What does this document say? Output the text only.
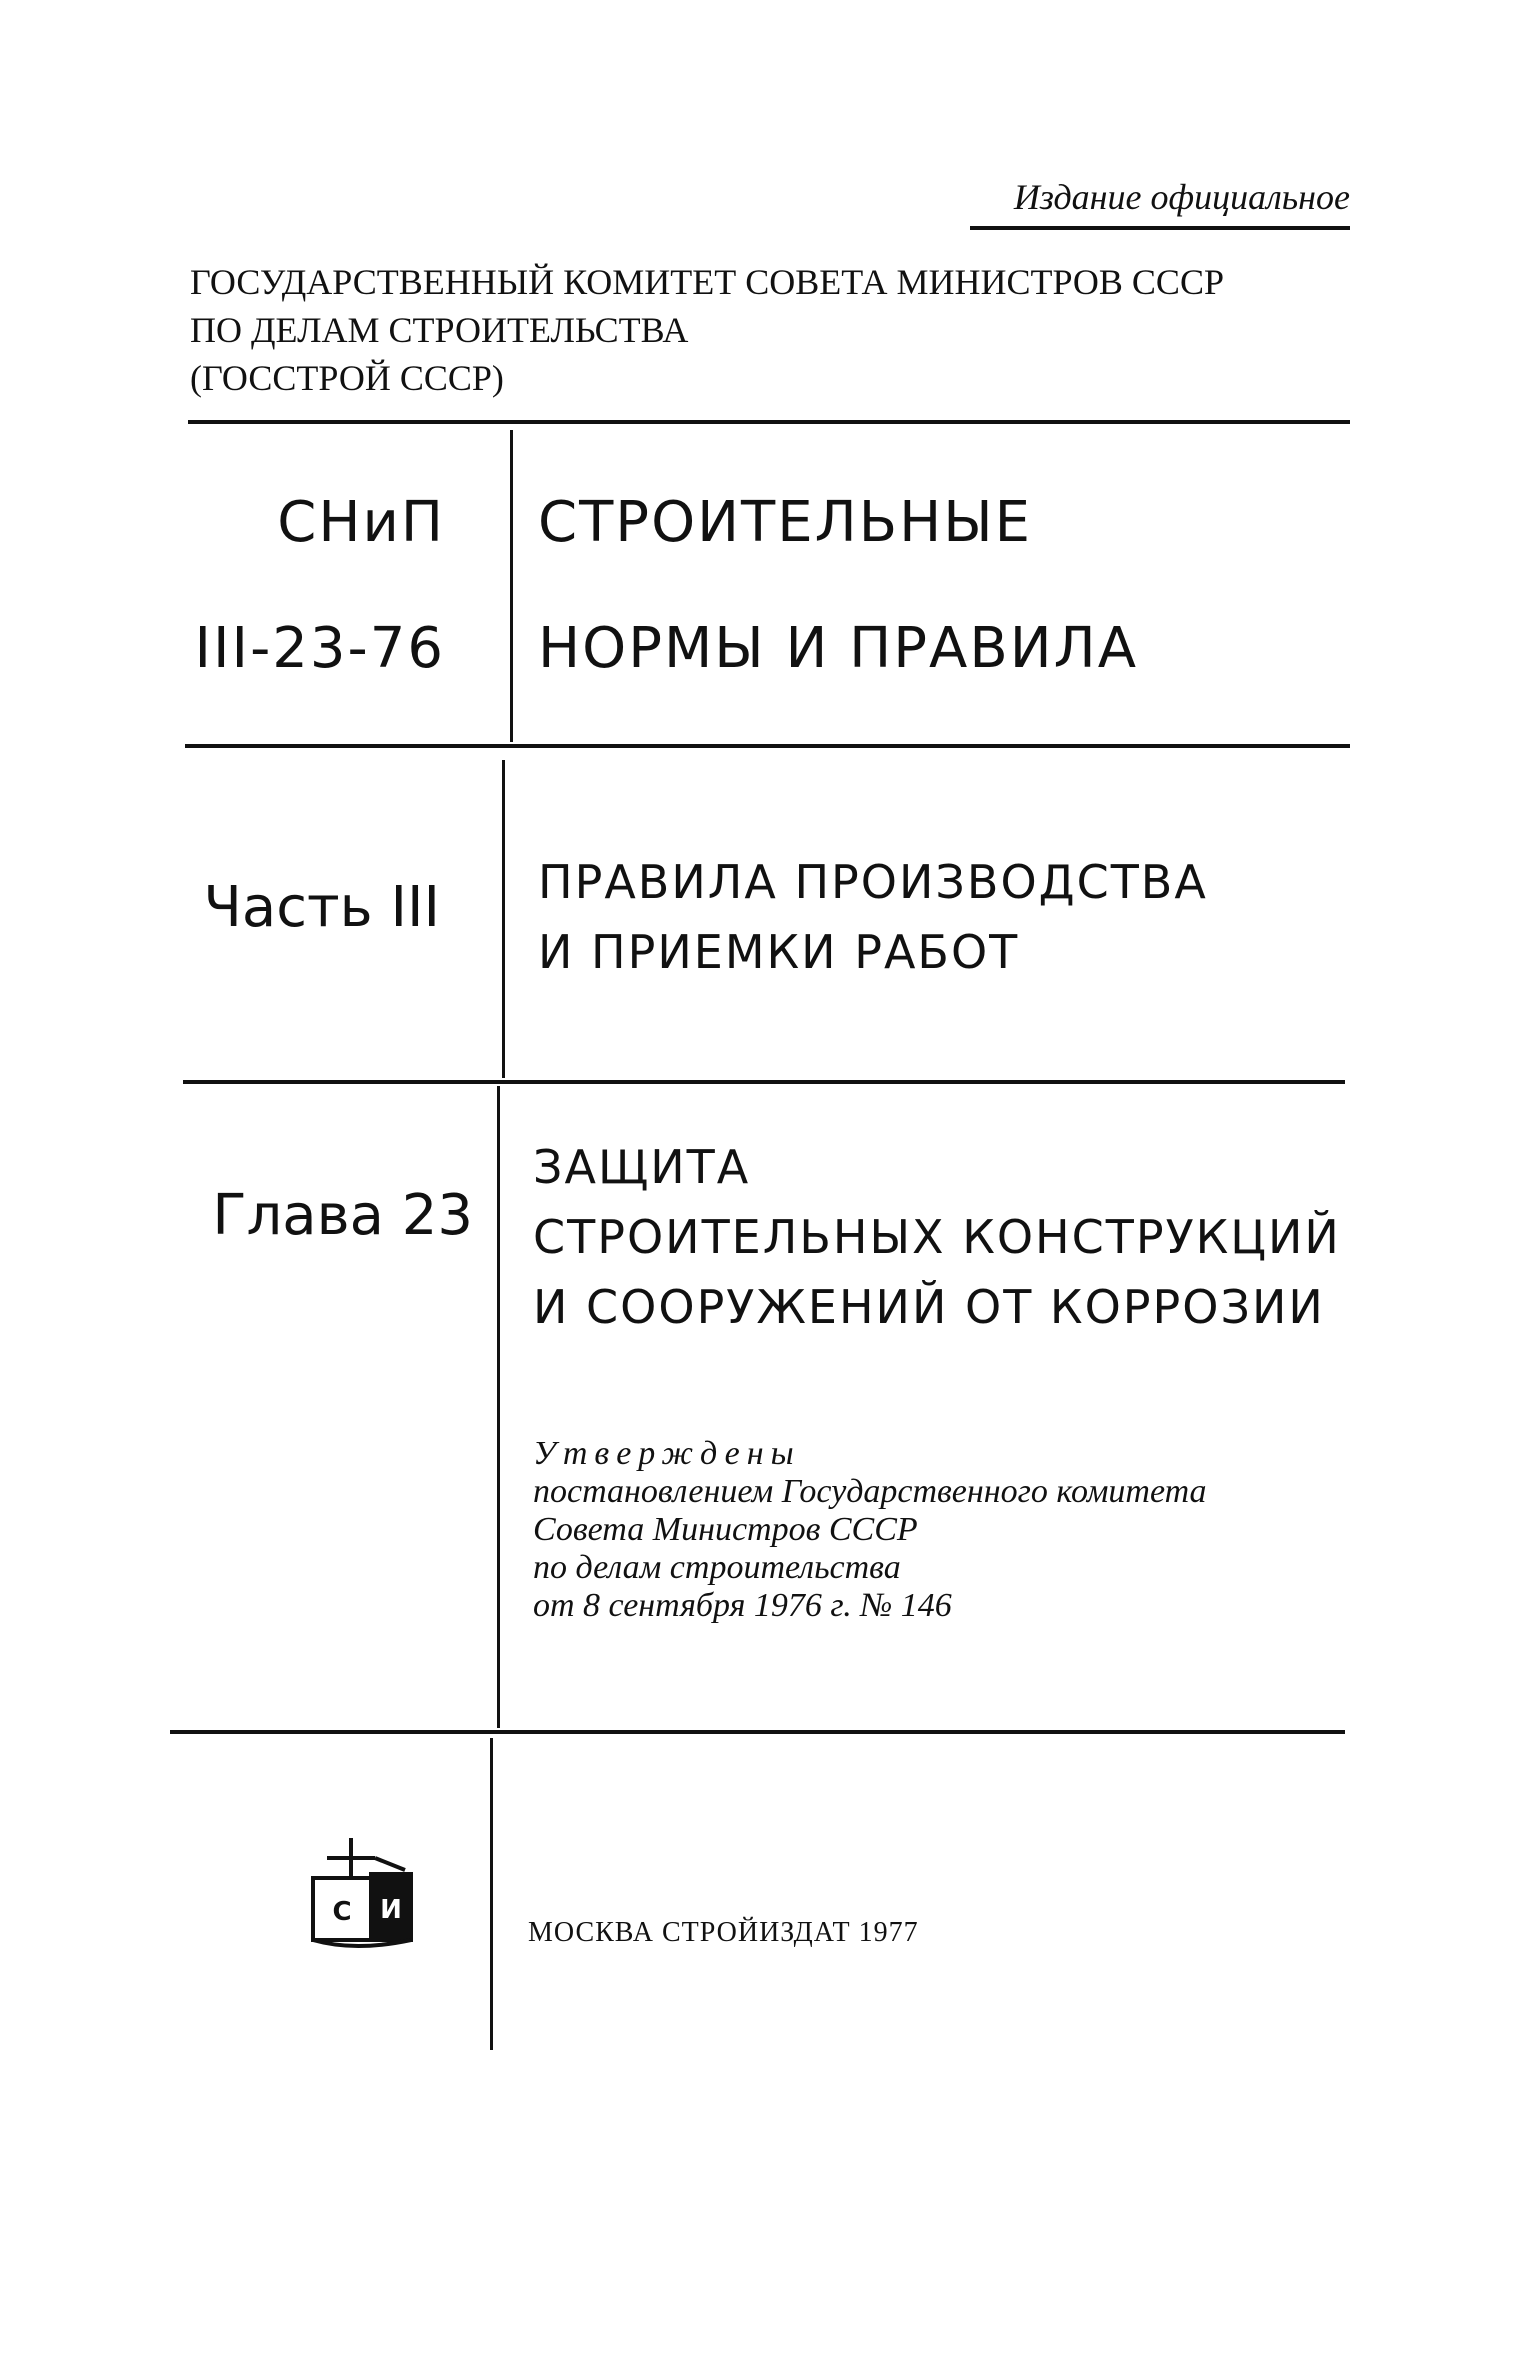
Издание официальное
ГОСУДАРСТВЕННЫЙ КОМИТЕТ СОВЕТА МИНИСТРОВ СССР
ПО ДЕЛАМ СТРОИТЕЛЬСТВА
(ГОССТРОЙ СССР)
СНиП
III-23-76
СТРОИТЕЛЬНЫЕ
НОРМЫ И ПРАВИЛА
Часть III ПРАВИЛА ПРОИЗВОДСТВА
И ПРИЕМКИ РАБОТ
Глава 23
ЗАЩИТА
СТРОИТЕЛЬНЫХ КОНСТРУКЦИЙ
И СООРУЖЕНИЙ ОТ КОРРОЗИИ
Утверждены
постановлением Государственного комитета
Совета Министров СССР
по делам строительства
от 8 сентября 1976 г. № 146
С И
МОСКВА СТРОЙИЗДАТ 1977
